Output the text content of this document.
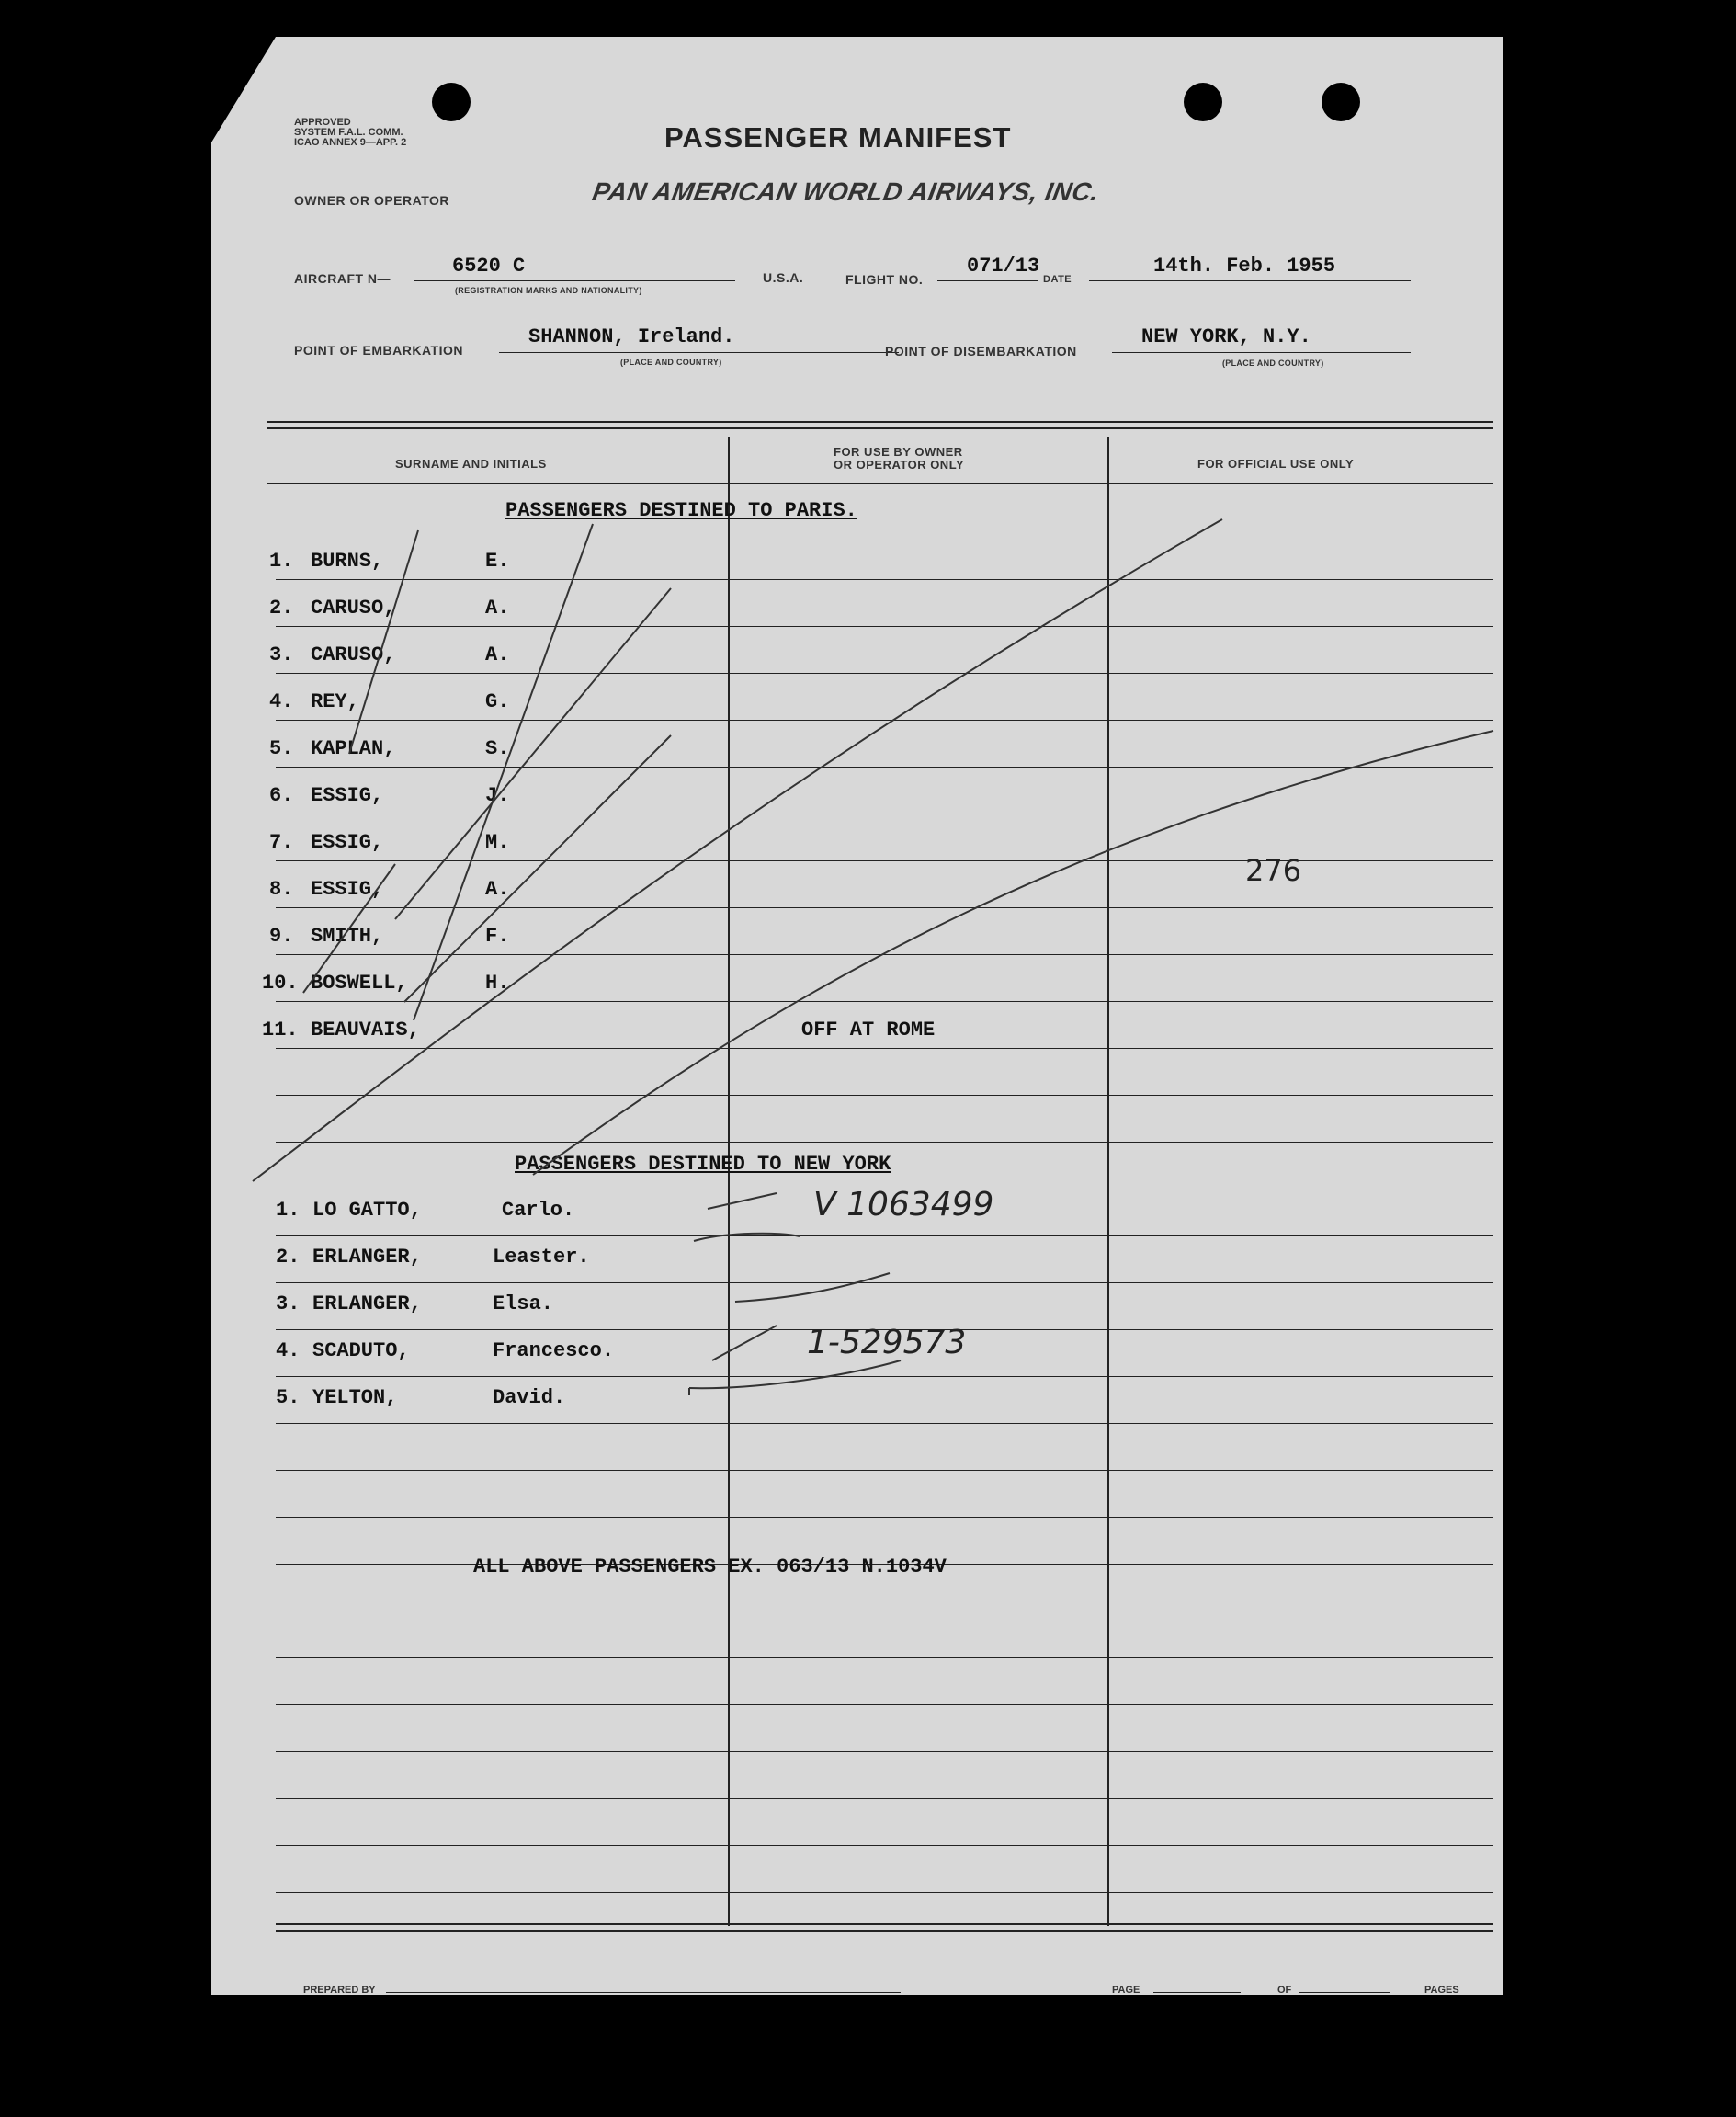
APPROVED
SYSTEM F.A.L. COMM.
ICAO ANNEX 9—APP. 2	PASSENGER MANIFEST
OWNER OR OPERATOR	PAN AMERICAN WORLD AIRWAYS, INC.
AIRCRAFT N—
6520 C
(REGISTRATION MARKS AND NATIONALITY)
U.S.A.	FLIGHT NO.
071/13
DATE
14th. Feb. 1955
POINT OF EMBARKATION
SHANNON, Ireland.
(PLACE AND COUNTRY)
POINT OF DISEMBARKATION
NEW YORK, N.Y.
(PLACE AND COUNTRY)
SURNAME AND INITIALS
FOR USE BY OWNER
OR OPERATOR ONLY	FOR OFFICIAL USE ONLY
PASSENGERS DESTINED TO PARIS.
1. BURNS,	E.
2. CARUSO,	A.
3. CARUSO,	A.
4. REY,	G.
5. KAPLAN,	S.
6. ESSIG,	J.
7. ESSIG,	M.
8. ESSIG,	A.
9. SMITH,	F.
10. BOSWELL,	H.
11. BEAUVAIS,	OFF AT ROME
276
PASSENGERS DESTINED TO NEW YORK
1. LO GATTO,	Carlo.
2. ERLANGER,	Leaster.
3. ERLANGER,	Elsa.
4. SCADUTO,	Francesco.
5. YELTON,	David.
V 1063499
1-529573
ALL ABOVE PASSENGERS EX. 063/13 N.1034V
PREPARED BY	PAGE	OF	PAGES
